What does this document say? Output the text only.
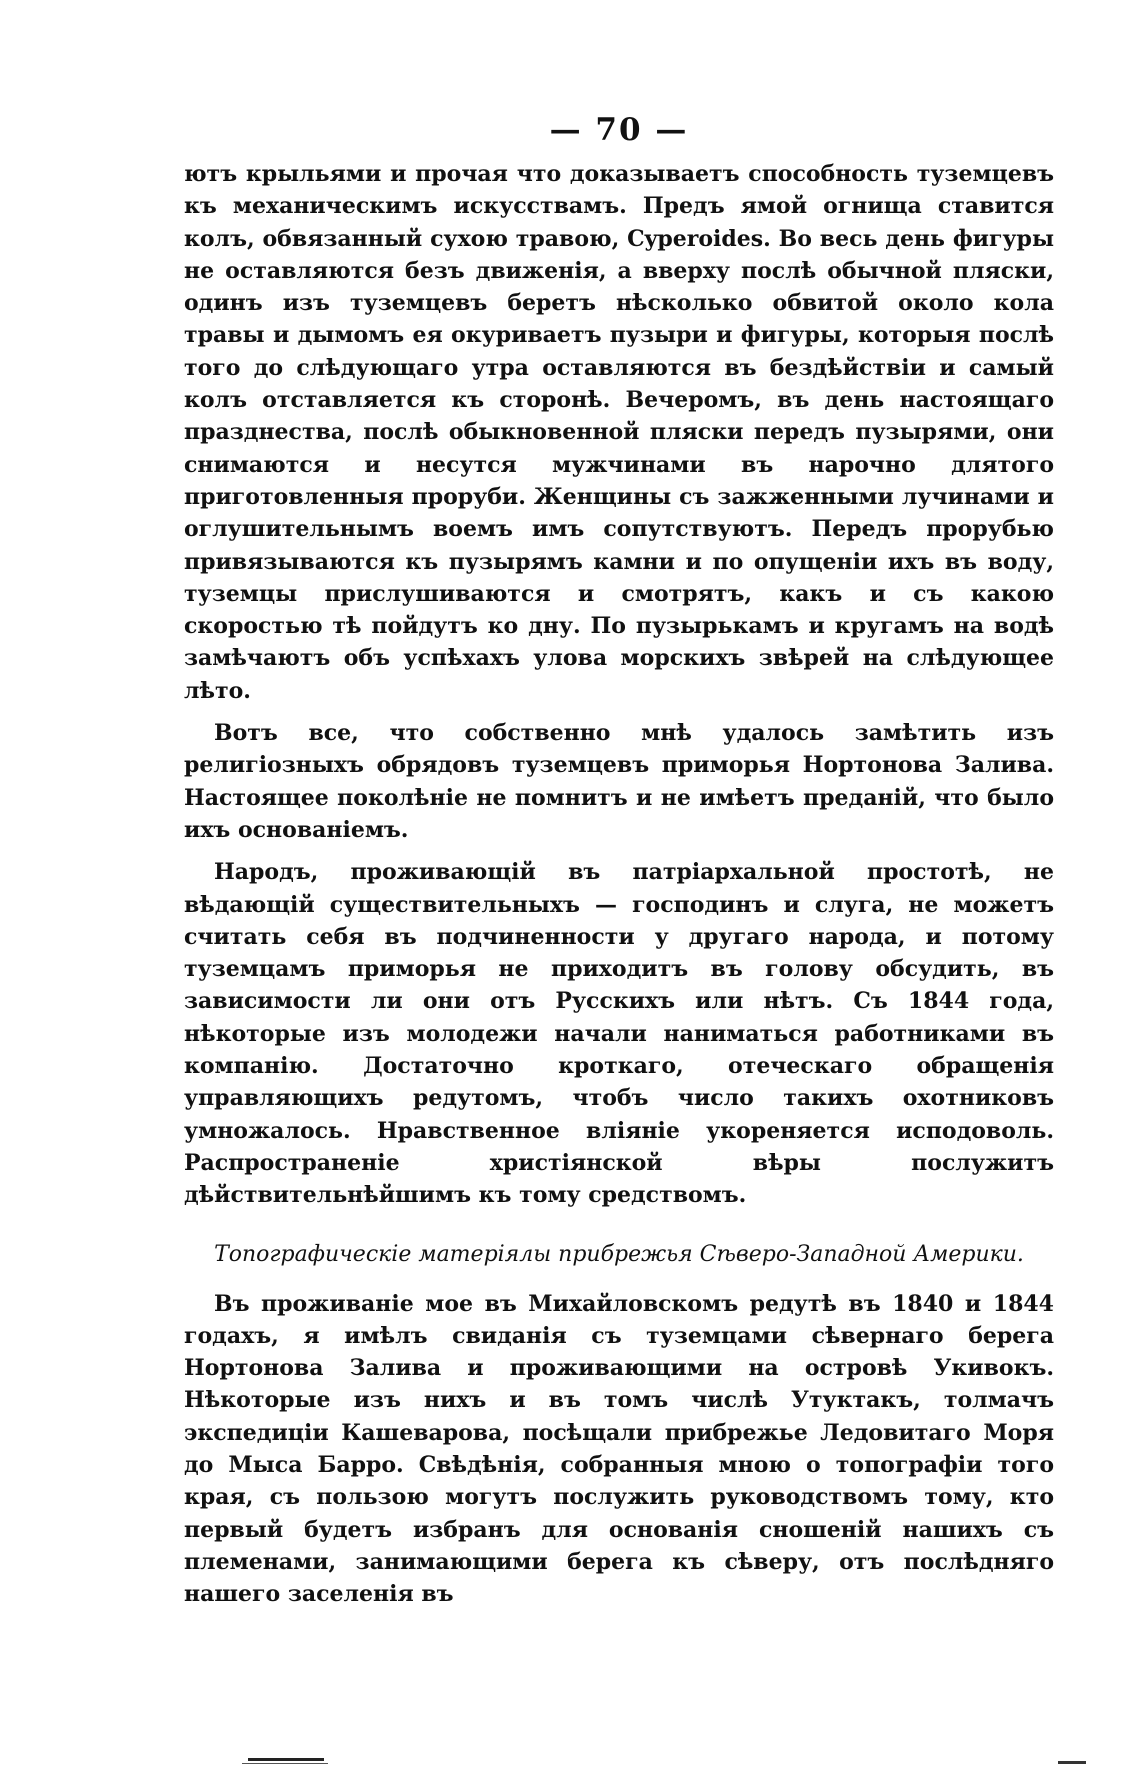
— 70 —

ютъ крыльями и прочая что доказываетъ способность туземцевъ къ механическимъ искусствамъ. Предъ ямой огнища ставится колъ, обвязанный сухою травою, Cyperoides. Во весь день фигуры не оставляются безъ движенія, а вверху послѣ обычной пляски, одинъ изъ туземцевъ беретъ нѣсколько обвитой около кола травы и дымомъ ея окуриваетъ пузыри и фигуры, которыя послѣ того до слѣдующаго утра оставляются въ бездѣйствіи и самый колъ отставляется къ сторонѣ. Вечеромъ, въ день настоящаго празднества, послѣ обыкновенной пляски передъ пузырями, они снимаются и несутся мужчинами въ нарочно длятого приготовленныя проруби. Женщины съ зажженными лучинами и оглушительнымъ воемъ имъ сопутствуютъ. Передъ прорубью привязываются къ пузырямъ камни и по опущеніи ихъ въ воду, туземцы прислушиваются и смотрятъ, какъ и съ какою скоростью тѣ пойдутъ ко дну. По пузырькамъ и кругамъ на водѣ замѣчаютъ объ успѣхахъ улова морскихъ звѣрей на слѣдующее лѣто.

Вотъ все, что собственно мнѣ удалось замѣтить изъ религіозныхъ обрядовъ туземцевъ приморья Нортонова Залива. Настоящее поколѣніе не помнитъ и не имѣетъ преданій, что было ихъ основаніемъ.

Народъ, проживающій въ патріархальной простотѣ, не вѣдающій существительныхъ — господинъ и слуга, не можетъ считать себя въ подчиненности у другаго народа, и потому туземцамъ приморья не приходитъ въ голову обсудить, въ зависимости ли они отъ Русскихъ или нѣтъ. Съ 1844 года, нѣкоторые изъ молодежи начали наниматься работниками въ компанію. Достаточно кроткаго, отеческаго обращенія управляющихъ редутомъ, чтобъ число такихъ охотниковъ умножалось. Нравственное вліяніе укореняется исподоволь. Распространеніе христіянской вѣры послужитъ дѣйствительнѣйшимъ къ тому средствомъ.

Топографическіе матеріялы прибрежья Сѣверо-Западной Америки.

Въ проживаніе мое въ Михайловскомъ редутѣ въ 1840 и 1844 годахъ, я имѣлъ свиданія съ туземцами сѣвернаго берега Нортонова Залива и проживающими на островѣ Укивокъ. Нѣкоторые изъ нихъ и въ томъ числѣ Утуктакъ, толмачъ экспедиціи Кашеварова, посѣщали прибрежье Ледовитаго Моря до Мыса Барро. Свѣдѣнія, собранныя мною о топографіи того края, съ пользою могутъ послужить руководствомъ тому, кто первый будетъ избранъ для основанія сношеній нашихъ съ племенами, занимающими берега къ сѣверу, отъ послѣдняго нашего заселенія въ
